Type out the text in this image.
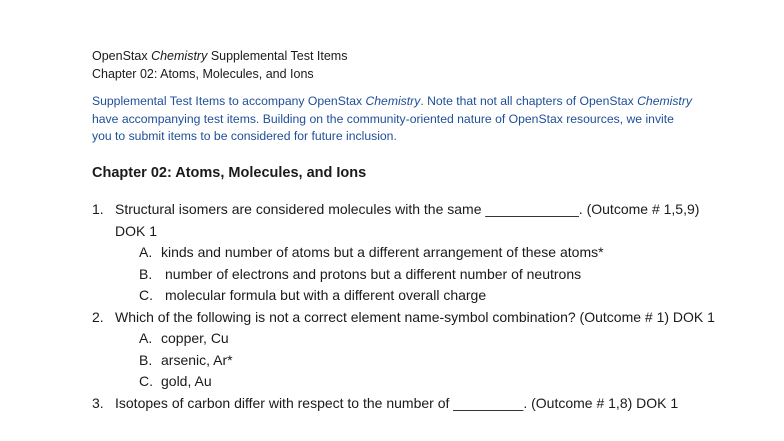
OpenStax Chemistry Supplemental Test Items
Chapter 02: Atoms, Molecules, and Ions
Supplemental Test Items to accompany OpenStax Chemistry. Note that not all chapters of OpenStax Chemistry have accompanying test items. Building on the community-oriented nature of OpenStax resources, we invite you to submit items to be considered for future inclusion.
Chapter 02: Atoms, Molecules, and Ions
1. Structural isomers are considered molecules with the same ____________. (Outcome # 1,5,9) DOK 1
A. kinds and number of atoms but a different arrangement of these atoms*
B. number of electrons and protons but a different number of neutrons
C. molecular formula but with a different overall charge
2. Which of the following is not a correct element name-symbol combination? (Outcome # 1) DOK 1
A. copper, Cu
B. arsenic, Ar*
C. gold, Au
3. Isotopes of carbon differ with respect to the number of _________. (Outcome # 1,8) DOK 1
